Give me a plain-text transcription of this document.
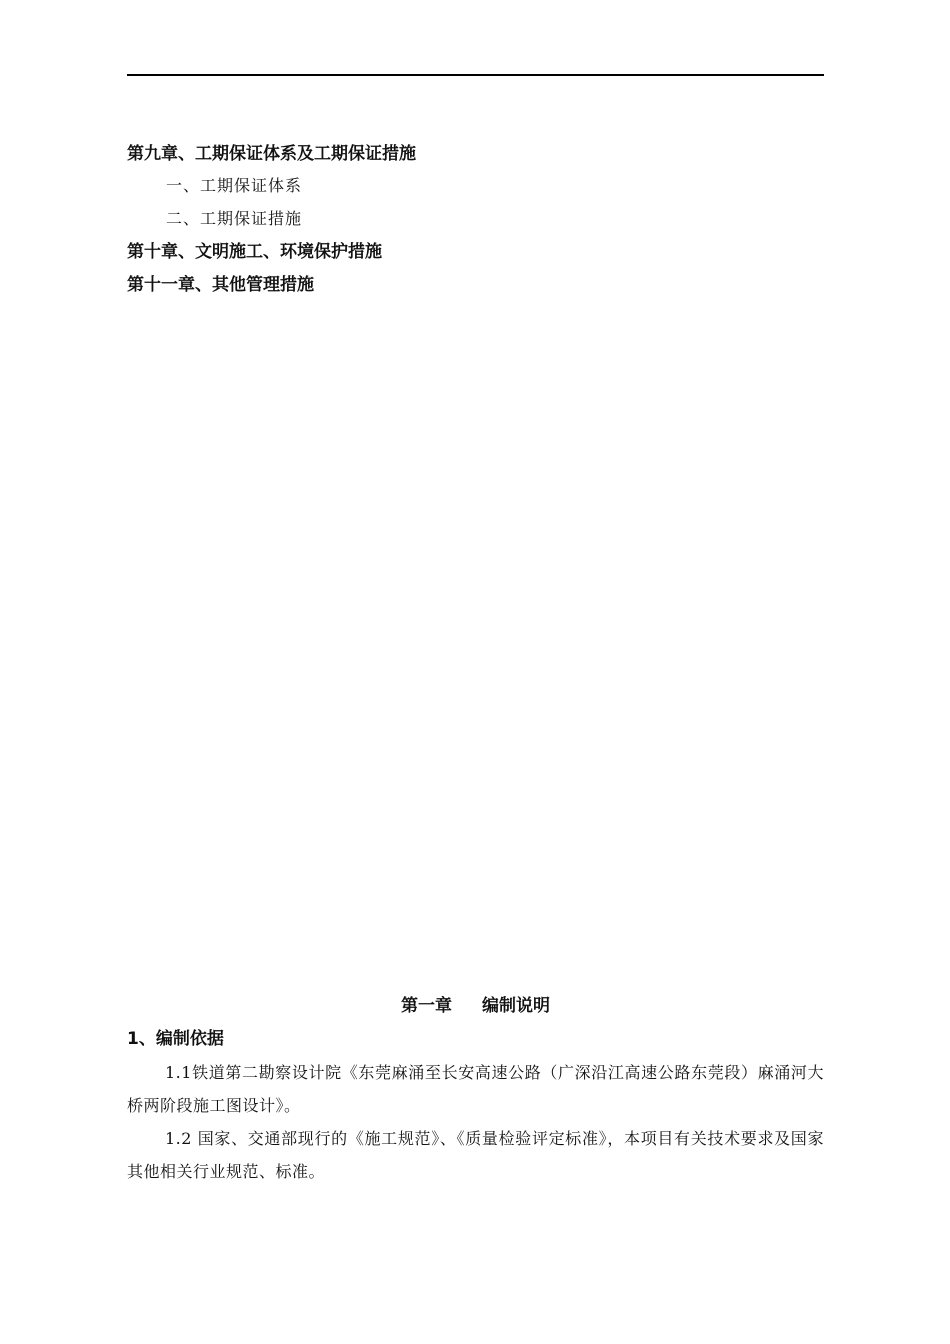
第九章、工期保证体系及工期保证措施
一、工期保证体系
二、工期保证措施
第十章、文明施工、环境保护措施
第十一章、其他管理措施
第一章 编制说明
1、编制依据
1.1铁道第二勘察设计院《东莞麻涌至长安高速公路（广深沿江高速公路东莞段）麻涌河大桥两阶段施工图设计》。
1.2 国家、交通部现行的《施工规范》、《质量检验评定标准》，本项目有关技术要求及国家其他相关行业规范、标准。
